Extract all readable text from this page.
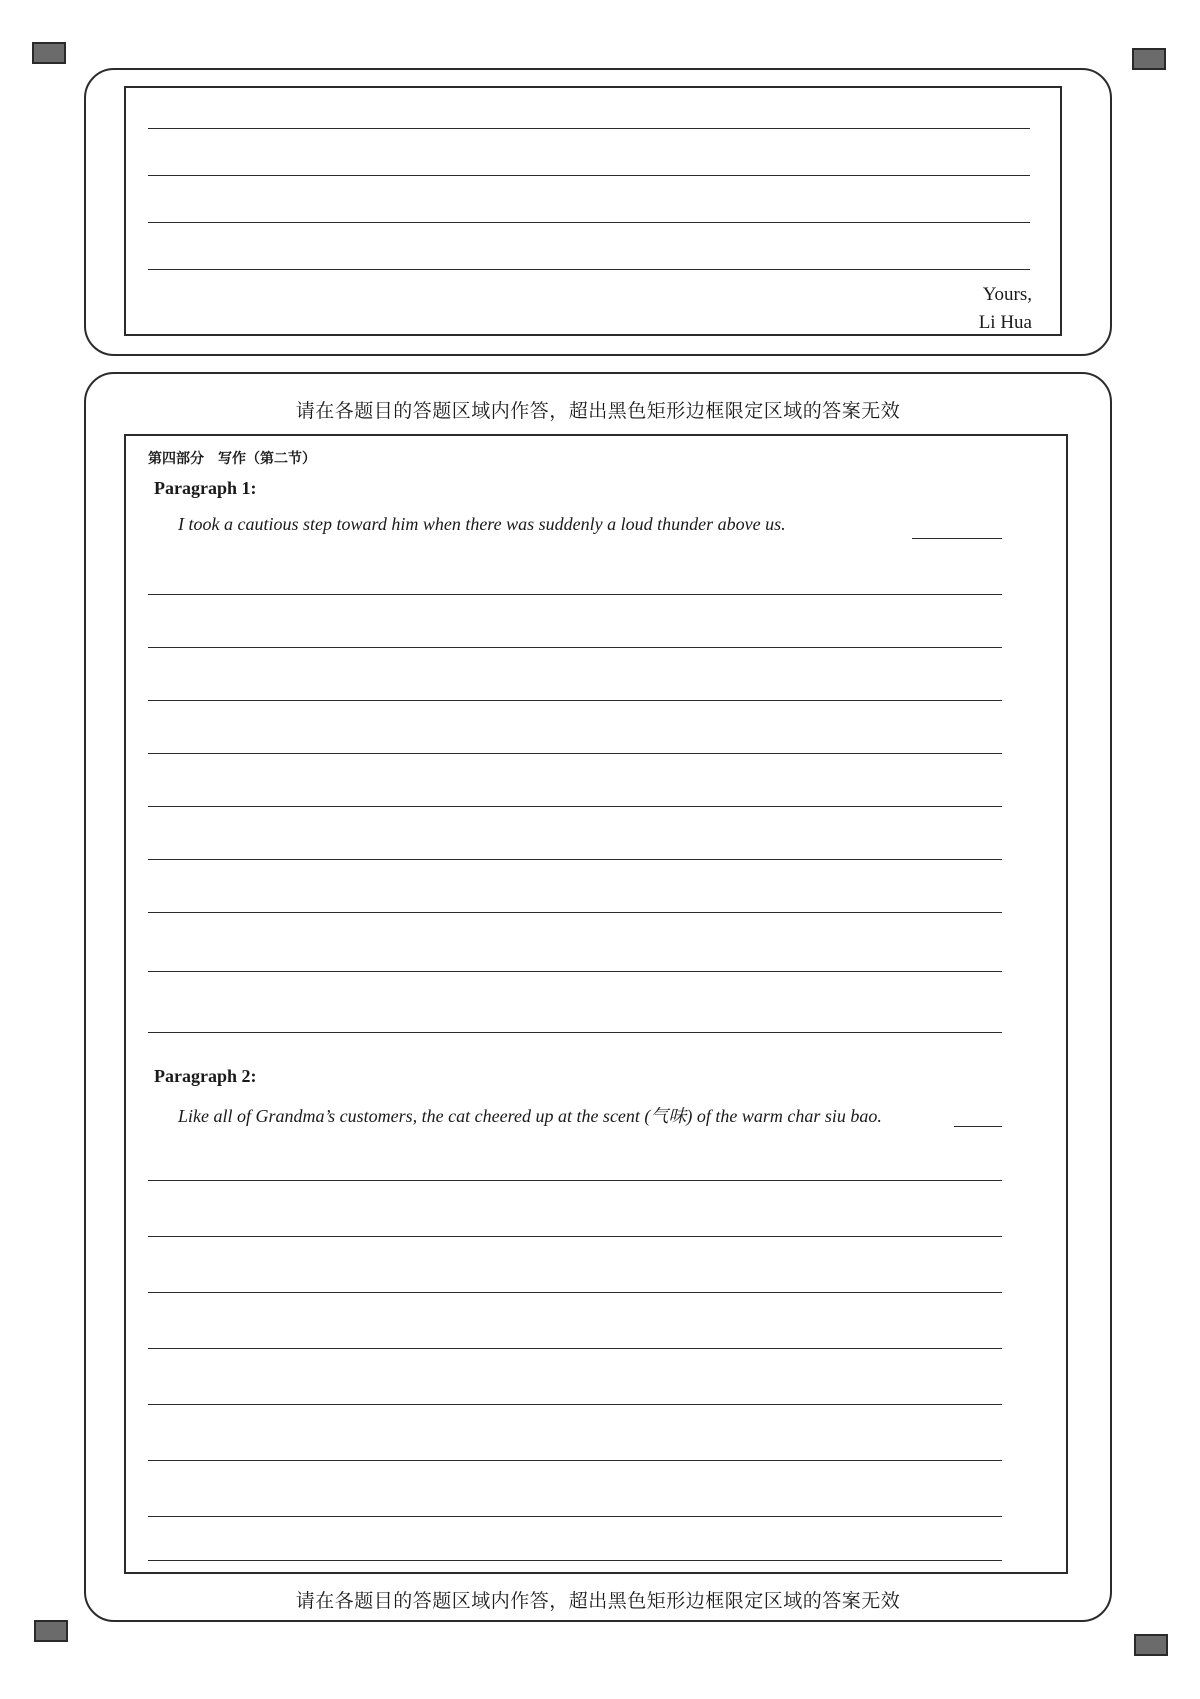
Yours,
Li Hua
请在各题目的答题区域内作答，超出黑色矩形边框限定区域的答案无效
第四部分　写作（第二节）
Paragraph 1:
I took a cautious step toward him when there was suddenly a loud thunder above us.
Paragraph 2:
Like all of Grandma’s customers, the cat cheered up at the scent (气味) of the warm char siu bao.
请在各题目的答题区域内作答，超出黑色矩形边框限定区域的答案无效
